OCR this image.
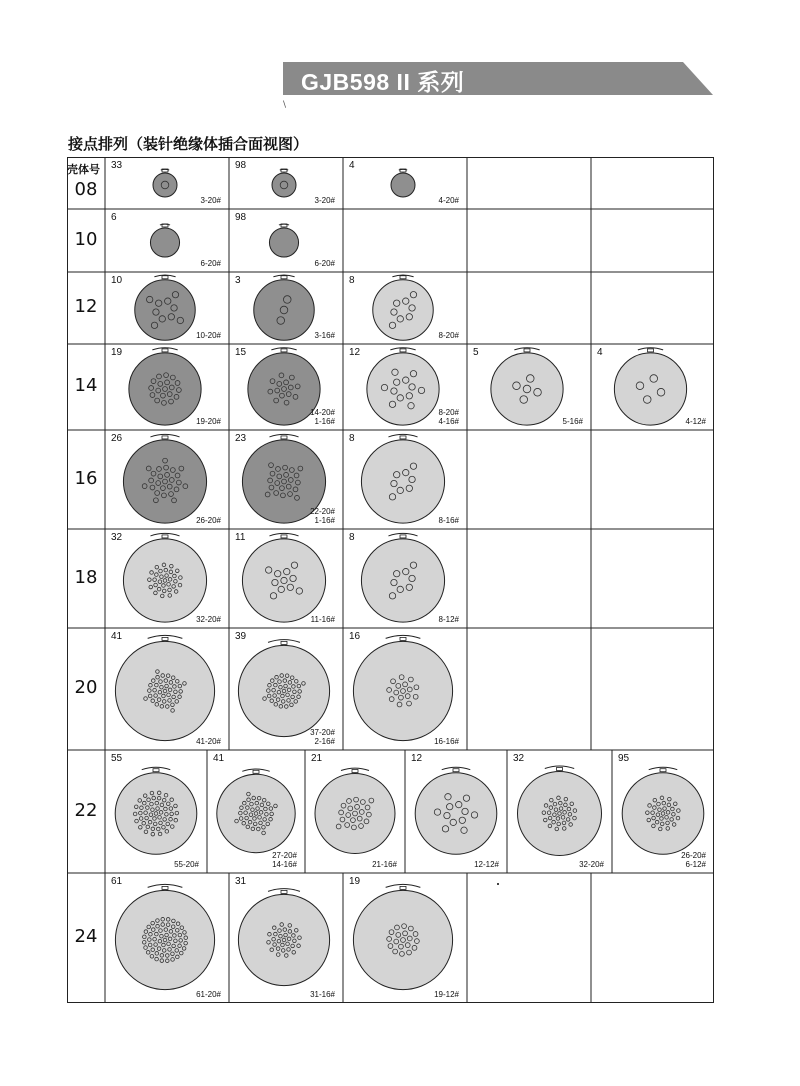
GJB598 II 系列
\
接点排列（装针绝缘体插合面视图）
壳体号
08
33
3-20#
98
3-20#
4
4-20#
10
6
6-20#
98
6-20#
12
10
10-20#
3
3-16#
8
8-20#
14
19
19-20#
15
14-20#
1-16#
12
8-20#
4-16#
5
5-16#
4
4-12#
16
26
26-20#
23
22-20#
1-16#
8
8-16#
18
32
32-20#
11
11-16#
8
8-12#
20
41
41-20#
39
37-20#
2-16#
16
16-16#
22
55
55-20#
41
27-20#
14-16#
21
21-16#
12
12-12#
32
32-20#
95
26-20#
6-12#
24
61
61-20#
31
31-16#
19
19-12#
